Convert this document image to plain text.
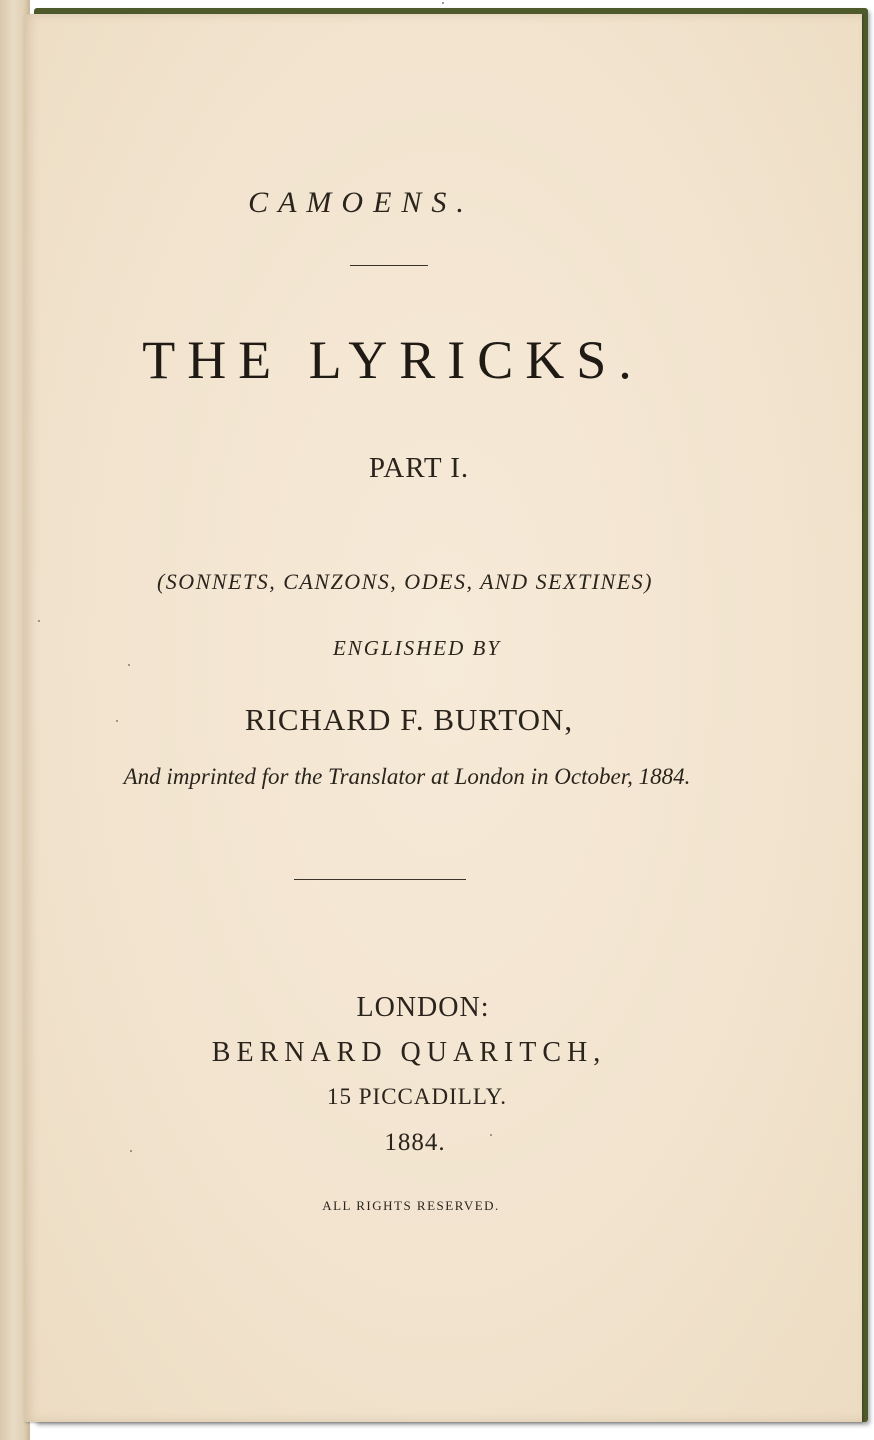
CAMOENS.
THE LYRICKS.
PART I.
(SONNETS, CANZONS, ODES, AND SEXTINES)
ENGLISHED BY
RICHARD F. BURTON,
And imprinted for the Translator at London in October, 1884.
LONDON:
BERNARD QUARITCH,
15 PICCADILLY.
1884.
ALL RIGHTS RESERVED.
